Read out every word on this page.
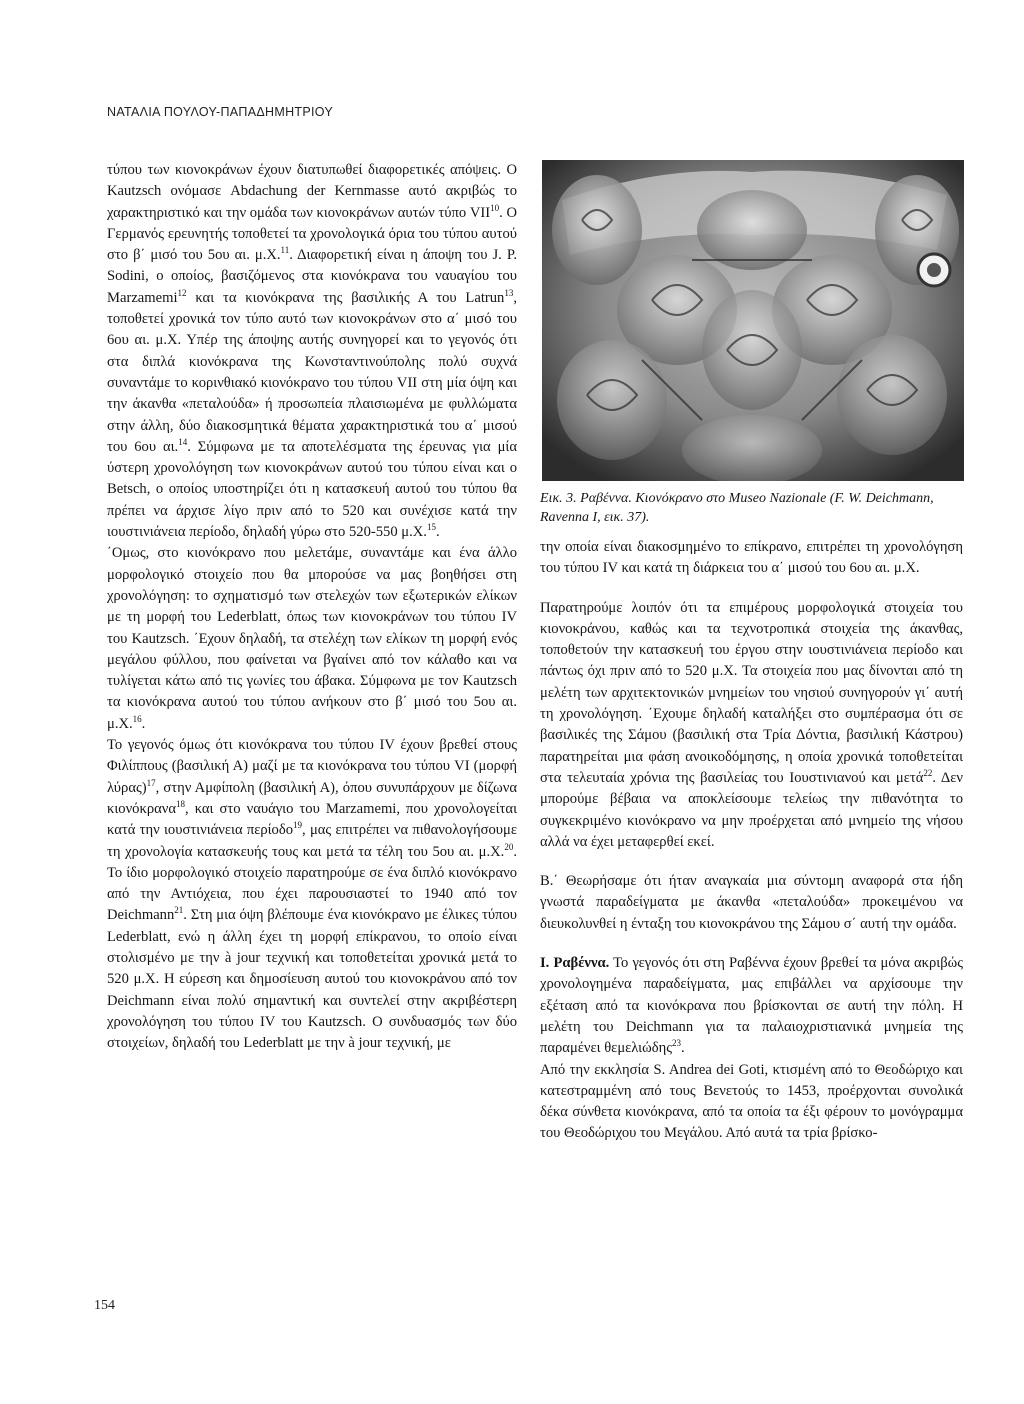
ΝΑΤΑΛΙΑ ΠΟΥΛΟΥ-ΠΑΠΑΔΗΜΗΤΡΙΟΥ

τύπου των κιονοκράνων έχουν διατυπωθεί διαφορετικές απόψεις. Ο Kautzsch ονόμασε Abdachung der Kernmasse αυτό ακριβώς το χαρακτηριστικό και την ομάδα των κιονοκράνων αυτών τύπο VII$^{10}$. Ο Γερμανός ερευνητής τοποθετεί τα χρονολογικά όρια του τύπου αυτού στο β΄ μισό του 5ου αι. μ.Χ.$^{11}$. Διαφορετική είναι η άποψη του J. P. Sodini, ο οποίος, βασιζόμενος στα κιονόκρανα του ναυαγίου του Marzamemi$^{12}$ και τα κιονόκρανα της βασιλικής Α του Latrun$^{13}$, τοποθετεί χρονικά τον τύπο αυτό των κιονοκράνων στο α΄ μισό του 6ου αι. μ.Χ. Υπέρ της άποψης αυτής συνηγορεί και το γεγονός ότι στα διπλά κιονόκρανα της Κωνσταντινούπολης πολύ συχνά συναντάμε το κορινθιακό κιονόκρανο του τύπου VII στη μία όψη και την άκανθα «πεταλούδα» ή προσωπεία πλαισιωμένα με φυλλώματα στην άλλη, δύο διακοσμητικά θέματα χαρακτηριστικά του α΄ μισού του 6ου αι.$^{14}$. Σύμφωνα με τα αποτελέσματα της έρευνας για μία ύστερη χρονολόγηση των κιονοκράνων αυτού του τύπου είναι και ο Betsch, ο οποίος υποστηρίζει ότι η κατασκευή αυτού του τύπου θα πρέπει να άρχισε λίγο πριν από το 520 και συνέχισε κατά την ιουστινιάνεια περίοδο, δηλαδή γύρω στο 520-550 μ.Χ.$^{15}$.

΄Ομως, στο κιονόκρανο που μελετάμε, συναντάμε και ένα άλλο μορφολογικό στοιχείο που θα μπορούσε να μας βοηθήσει στη χρονολόγηση: το σχηματισμό των στελεχών των εξωτερικών ελίκων με τη μορφή του Lederblatt, όπως των κιονοκράνων του τύπου IV του Kautzsch. ΄Εχουν δηλαδή, τα στελέχη των ελίκων τη μορφή ενός μεγάλου φύλλου, που φαίνεται να βγαίνει από τον κάλαθο και να τυλίγεται κάτω από τις γωνίες του άβακα. Σύμφωνα με τον Kautzsch τα κιονόκρανα αυτού του τύπου ανήκουν στο β΄ μισό του 5ου αι. μ.Χ.$^{16}$.

Το γεγονός όμως ότι κιονόκρανα του τύπου IV έχουν βρεθεί στους Φιλίππους (βασιλική Α) μαζί με τα κιονόκρανα του τύπου VI (μορφή λύρας)$^{17}$, στην Αμφίπολη (βασιλική Α), όπου συνυπάρχουν με δίζωνα κιονόκρανα$^{18}$, και στο ναυάγιο του Marzamemi, που χρονολογείται κατά την ιουστινιάνεια περίοδο$^{19}$, μας επιτρέπει να πιθανολογήσουμε τη χρονολογία κατασκευής τους και μετά τα τέλη του 5ου αι. μ.Χ.$^{20}$. Το ίδιο μορφολογικό στοιχείο παρατηρούμε σε ένα διπλό κιονόκρανο από την Αντιόχεια, που έχει παρουσιαστεί το 1940 από τον Deichmann$^{21}$. Στη μια όψη βλέπουμε ένα κιονόκρανο με έλικες τύπου Lederblatt, ενώ η άλλη έχει τη μορφή επίκρανου, το οποίο είναι στολισμένο με την à jour τεχνική και τοποθετείται χρονικά μετά το 520 μ.Χ. Η εύρεση και δημοσίευση αυτού του κιονοκράνου από τον Deichmann είναι πολύ σημαντική και συντελεί στην ακριβέστερη χρονολόγηση του τύπου IV του Kautzsch. Ο συνδυασμός των δύο στοιχείων, δηλαδή του Lederblatt με την à jour τεχνική, με

Εικ. 3. Ραβέννα. Κιονόκρανο στο Museo Nazionale (F. W. Deichmann, Ravenna I, εικ. 37).

την οποία είναι διακοσμημένο το επίκρανο, επιτρέπει τη χρονολόγηση του τύπου IV και κατά τη διάρκεια του α΄ μισού του 6ου αι. μ.Χ.

Παρατηρούμε λοιπόν ότι τα επιμέρους μορφολογικά στοιχεία του κιονοκράνου, καθώς και τα τεχνοτροπικά στοιχεία της άκανθας, τοποθετούν την κατασκευή του έργου στην ιουστινιάνεια περίοδο και πάντως όχι πριν από το 520 μ.Χ. Τα στοιχεία που μας δίνονται από τη μελέτη των αρχιτεκτονικών μνημείων του νησιού συνηγορούν γι΄ αυτή τη χρονολόγηση. ΄Εχουμε δηλαδή καταλήξει στο συμπέρασμα ότι σε βασιλικές της Σάμου (βασιλική στα Τρία Δόντια, βασιλική Κάστρου) παρατηρείται μια φάση ανοικοδόμησης, η οποία χρονικά τοποθετείται στα τελευταία χρόνια της βασιλείας του Ιουστινιανού και μετά$^{22}$. Δεν μπορούμε βέβαια να αποκλείσουμε τελείως την πιθανότητα το συγκεκριμένο κιονόκρανο να μην προέρχεται από μνημείο της νήσου αλλά να έχει μεταφερθεί εκεί.

Β.΄ Θεωρήσαμε ότι ήταν αναγκαία μια σύντομη αναφορά στα ήδη γνωστά παραδείγματα με άκανθα «πεταλούδα» προκειμένου να διευκολυνθεί η ένταξη του κιονοκράνου της Σάμου σ΄ αυτή την ομάδα.

I. Ραβέννα. Το γεγονός ότι στη Ραβέννα έχουν βρεθεί τα μόνα ακριβώς χρονολογημένα παραδείγματα, μας επιβάλλει να αρχίσουμε την εξέταση από τα κιονόκρανα που βρίσκονται σε αυτή την πόλη. Η μελέτη του Deichmann για τα παλαιοχριστιανικά μνημεία της παραμένει θεμελιώδης$^{23}$.

Από την εκκλησία S. Andrea dei Goti, κτισμένη από το Θεοδώριχο και κατεστραμμένη από τους Βενετούς το 1453, προέρχονται συνολικά δέκα σύνθετα κιονόκρανα, από τα οποία τα έξι φέρουν το μονόγραμμα του Θεοδώριχου του Μεγάλου. Από αυτά τα τρία βρίσκο-

154
